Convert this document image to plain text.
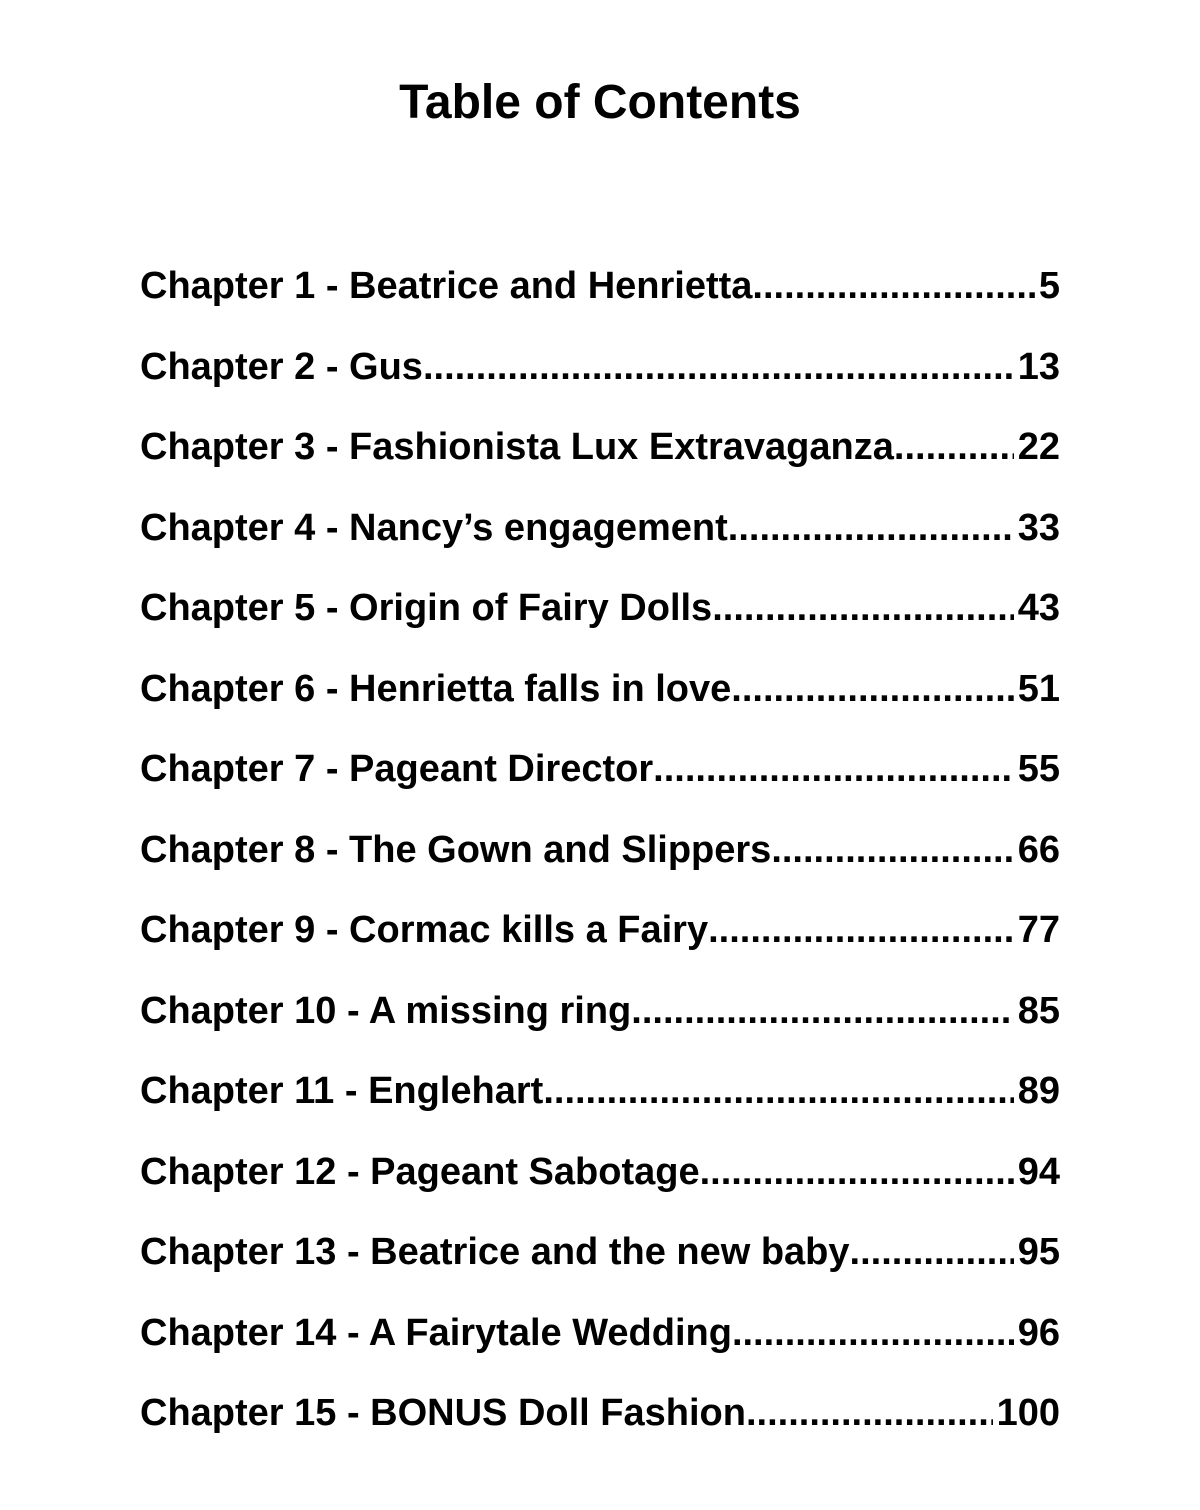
Table of Contents
Chapter 1 - Beatrice and Henrietta .....	5
Chapter 2 - Gus .....	13
Chapter 3 - Fashionista Lux Extravaganza .....	22
Chapter 4 - Nancy’s engagement .....	33
Chapter 5 - Origin of Fairy Dolls .....	43
Chapter 6 - Henrietta falls in love .....	51
Chapter 7 - Pageant Director .....	55
Chapter 8 - The Gown and Slippers .....	66
Chapter 9 - Cormac kills a Fairy .....	77
Chapter 10 - A missing ring .....	85
Chapter 11 - Englehart .....	89
Chapter 12 - Pageant Sabotage .....	94
Chapter 13 - Beatrice and the new baby .....	95
Chapter 14 - A Fairytale Wedding .....	96
Chapter 15 - BONUS Doll Fashion .....	100
